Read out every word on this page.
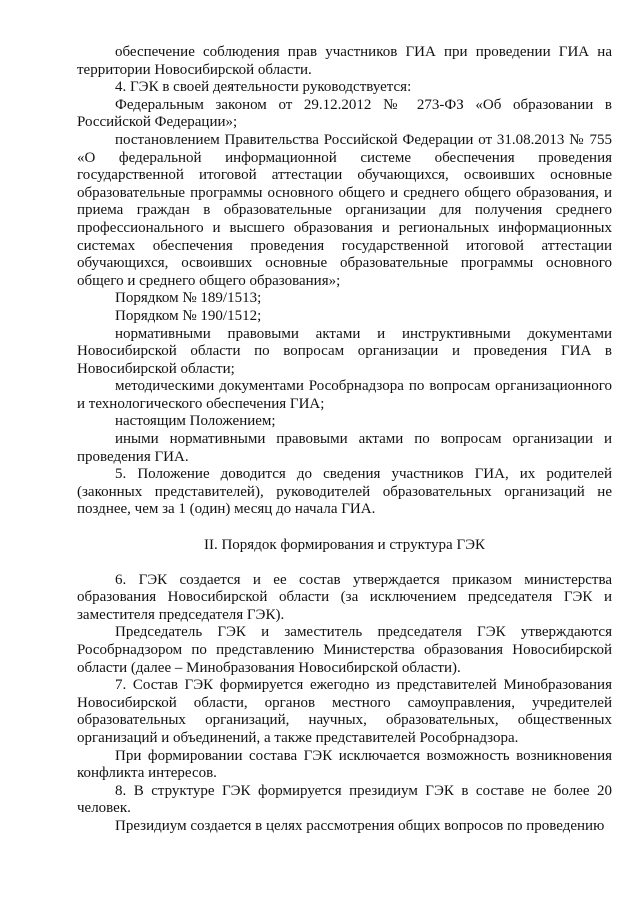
обеспечение соблюдения прав участников ГИА при проведении ГИА на территории Новосибирской области.

4. ГЭК в своей деятельности руководствуется:

Федеральным законом от 29.12.2012 № 273-ФЗ «Об образовании в Российской Федерации»;

постановлением Правительства Российской Федерации от 31.08.2013 № 755 «О федеральной информационной системе обеспечения проведения государственной итоговой аттестации обучающихся, освоивших основные образовательные программы основного общего и среднего общего образования, и приема граждан в образовательные организации для получения среднего профессионального и высшего образования и региональных информационных системах обеспечения проведения государственной итоговой аттестации обучающихся, освоивших основные образовательные программы основного общего и среднего общего образования»;

Порядком № 189/1513;

Порядком № 190/1512;

нормативными правовыми актами и инструктивными документами Новосибирской области по вопросам организации и проведения ГИА в Новосибирской области;

методическими документами Рособрнадзора по вопросам организационного и технологического обеспечения ГИА;

настоящим Положением;

иными нормативными правовыми актами по вопросам организации и проведения ГИА.

5. Положение доводится до сведения участников ГИА, их родителей (законных представителей), руководителей образовательных организаций не позднее, чем за 1 (один) месяц до начала ГИА.

II. Порядок формирования и структура ГЭК

6. ГЭК создается и ее состав утверждается приказом министерства образования Новосибирской области (за исключением председателя ГЭК и заместителя председателя ГЭК).

Председатель ГЭК и заместитель председателя ГЭК утверждаются Рособрнадзором по представлению Министерства образования Новосибирской области (далее – Минобразования Новосибирской области).

7. Состав ГЭК формируется ежегодно из представителей Минобразования Новосибирской области, органов местного самоуправления, учредителей образовательных организаций, научных, образовательных, общественных организаций и объединений, а также представителей Рособрнадзора.

При формировании состава ГЭК исключается возможность возникновения конфликта интересов.

8. В структуре ГЭК формируется президиум ГЭК в составе не более 20 человек.

Президиум создается в целях рассмотрения общих вопросов по проведению
